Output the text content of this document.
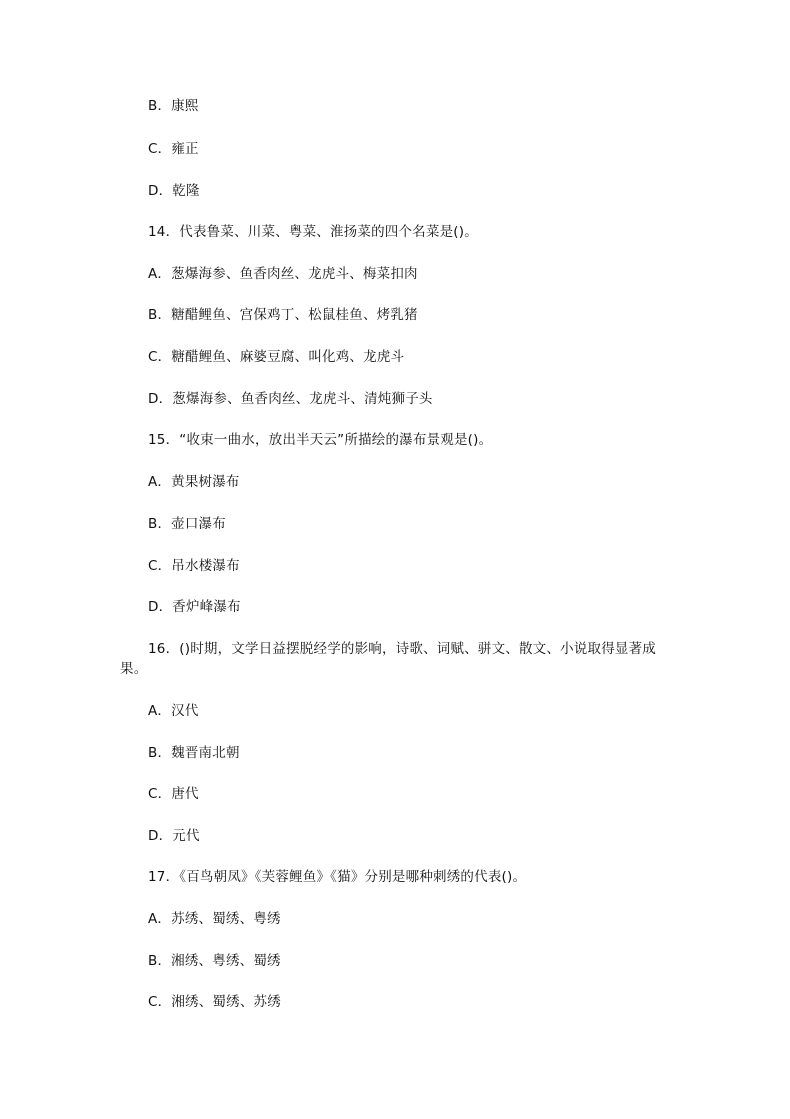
B．康熙
C．雍正
D．乾隆
14．代表鲁菜、川菜、粤菜、淮扬菜的四个名菜是()。
A．葱爆海参、鱼香肉丝、龙虎斗、梅菜扣肉
B．糖醋鲤鱼、宫保鸡丁、松鼠桂鱼、烤乳猪
C．糖醋鲤鱼、麻婆豆腐、叫化鸡、龙虎斗
D．葱爆海参、鱼香肉丝、龙虎斗、清炖狮子头
15．“收束一曲水，放出半天云”所描绘的瀑布景观是()。
A．黄果树瀑布
B．壶口瀑布
C．吊水楼瀑布
D．香炉峰瀑布
16．()时期，文学日益摆脱经学的影响，诗歌、词赋、骈文、散文、小说取得显著成
果。
A．汉代
B．魏晋南北朝
C．唐代
D．元代
17．《百鸟朝凤》《芙蓉鲤鱼》《猫》分别是哪种刺绣的代表()。
A．苏绣、蜀绣、粤绣
B．湘绣、粤绣、蜀绣
C．湘绣、蜀绣、苏绣
